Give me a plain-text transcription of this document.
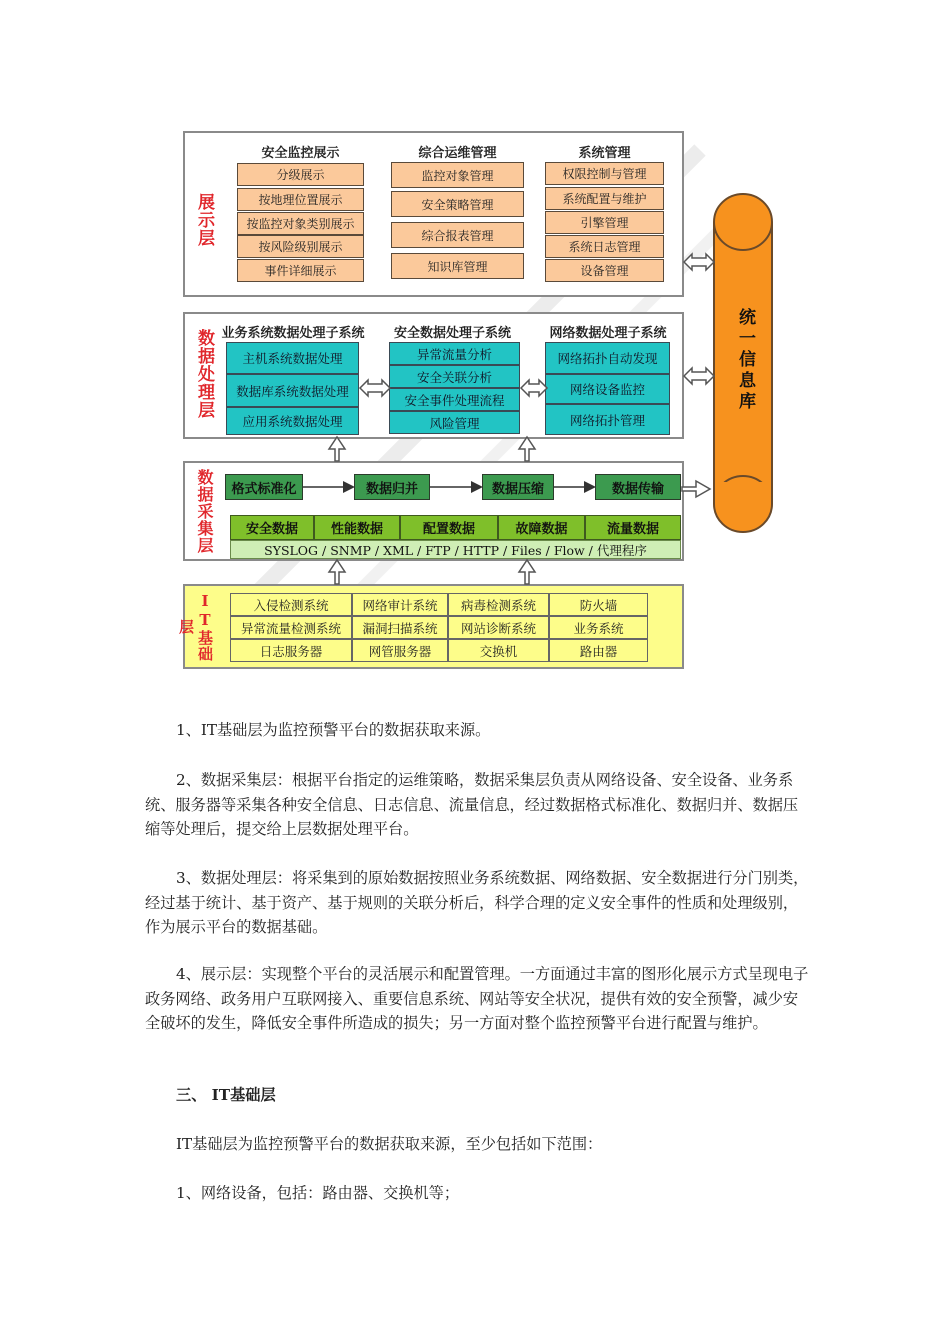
展示层
安全监控展示
分级展示
按地理位置展示
按监控对象类别展示
按风险级别展示
事件详细展示
综合运维管理
监控对象管理
安全策略管理
综合报表管理
知识库管理
系统管理
权限控制与管理
系统配置与维护
引擎管理
系统日志管理
设备管理
数据处理层 业务系统数据处理子系统
主机系统数据处理
数据库系统数据处理
应用系统数据处理
安全数据处理子系统
异常流量分析
安全关联分析
安全事件处理流程
风险管理
网络数据处理子系统
网络拓扑自动发现
网络设备监控
网络拓扑管理
数据采集层	格式标准化	数据归并	数据压缩	数据传输
安全数据	性能数据	配置数据	故障数据	流量数据
SYSLOG / SNMP / XML / FTP / HTTP / Files / Flow / 代理程序
IT基础层
入侵检测系统	网络审计系统	病毒检测系统	防火墙
异常流量检测系统	漏洞扫描系统	网站诊断系统	业务系统
日志服务器	网管服务器	交换机	路由器
统一信息库

1、IT基础层为监控预警平台的数据获取来源。

2、数据采集层：根据平台指定的运维策略，数据采集层负责从网络设备、安全设备、业务系统、服务器等采集各种安全信息、日志信息、流量信息，经过数据格式标准化、数据归并、数据压缩等处理后，提交给上层数据处理平台。

3、数据处理层：将采集到的原始数据按照业务系统数据、网络数据、安全数据进行分门别类，经过基于统计、基于资产、基于规则的关联分析后，科学合理的定义安全事件的性质和处理级别，作为展示平台的数据基础。

4、展示层：实现整个平台的灵活展示和配置管理。一方面通过丰富的图形化展示方式呈现电子政务网络、政务用户互联网接入、重要信息系统、网站等安全状况，提供有效的安全预警，减少安全破坏的发生，降低安全事件所造成的损失；另一方面对整个监控预警平台进行配置与维护。

三、 IT基础层

IT基础层为监控预警平台的数据获取来源，至少包括如下范围：

1、网络设备，包括：路由器、交换机等；
